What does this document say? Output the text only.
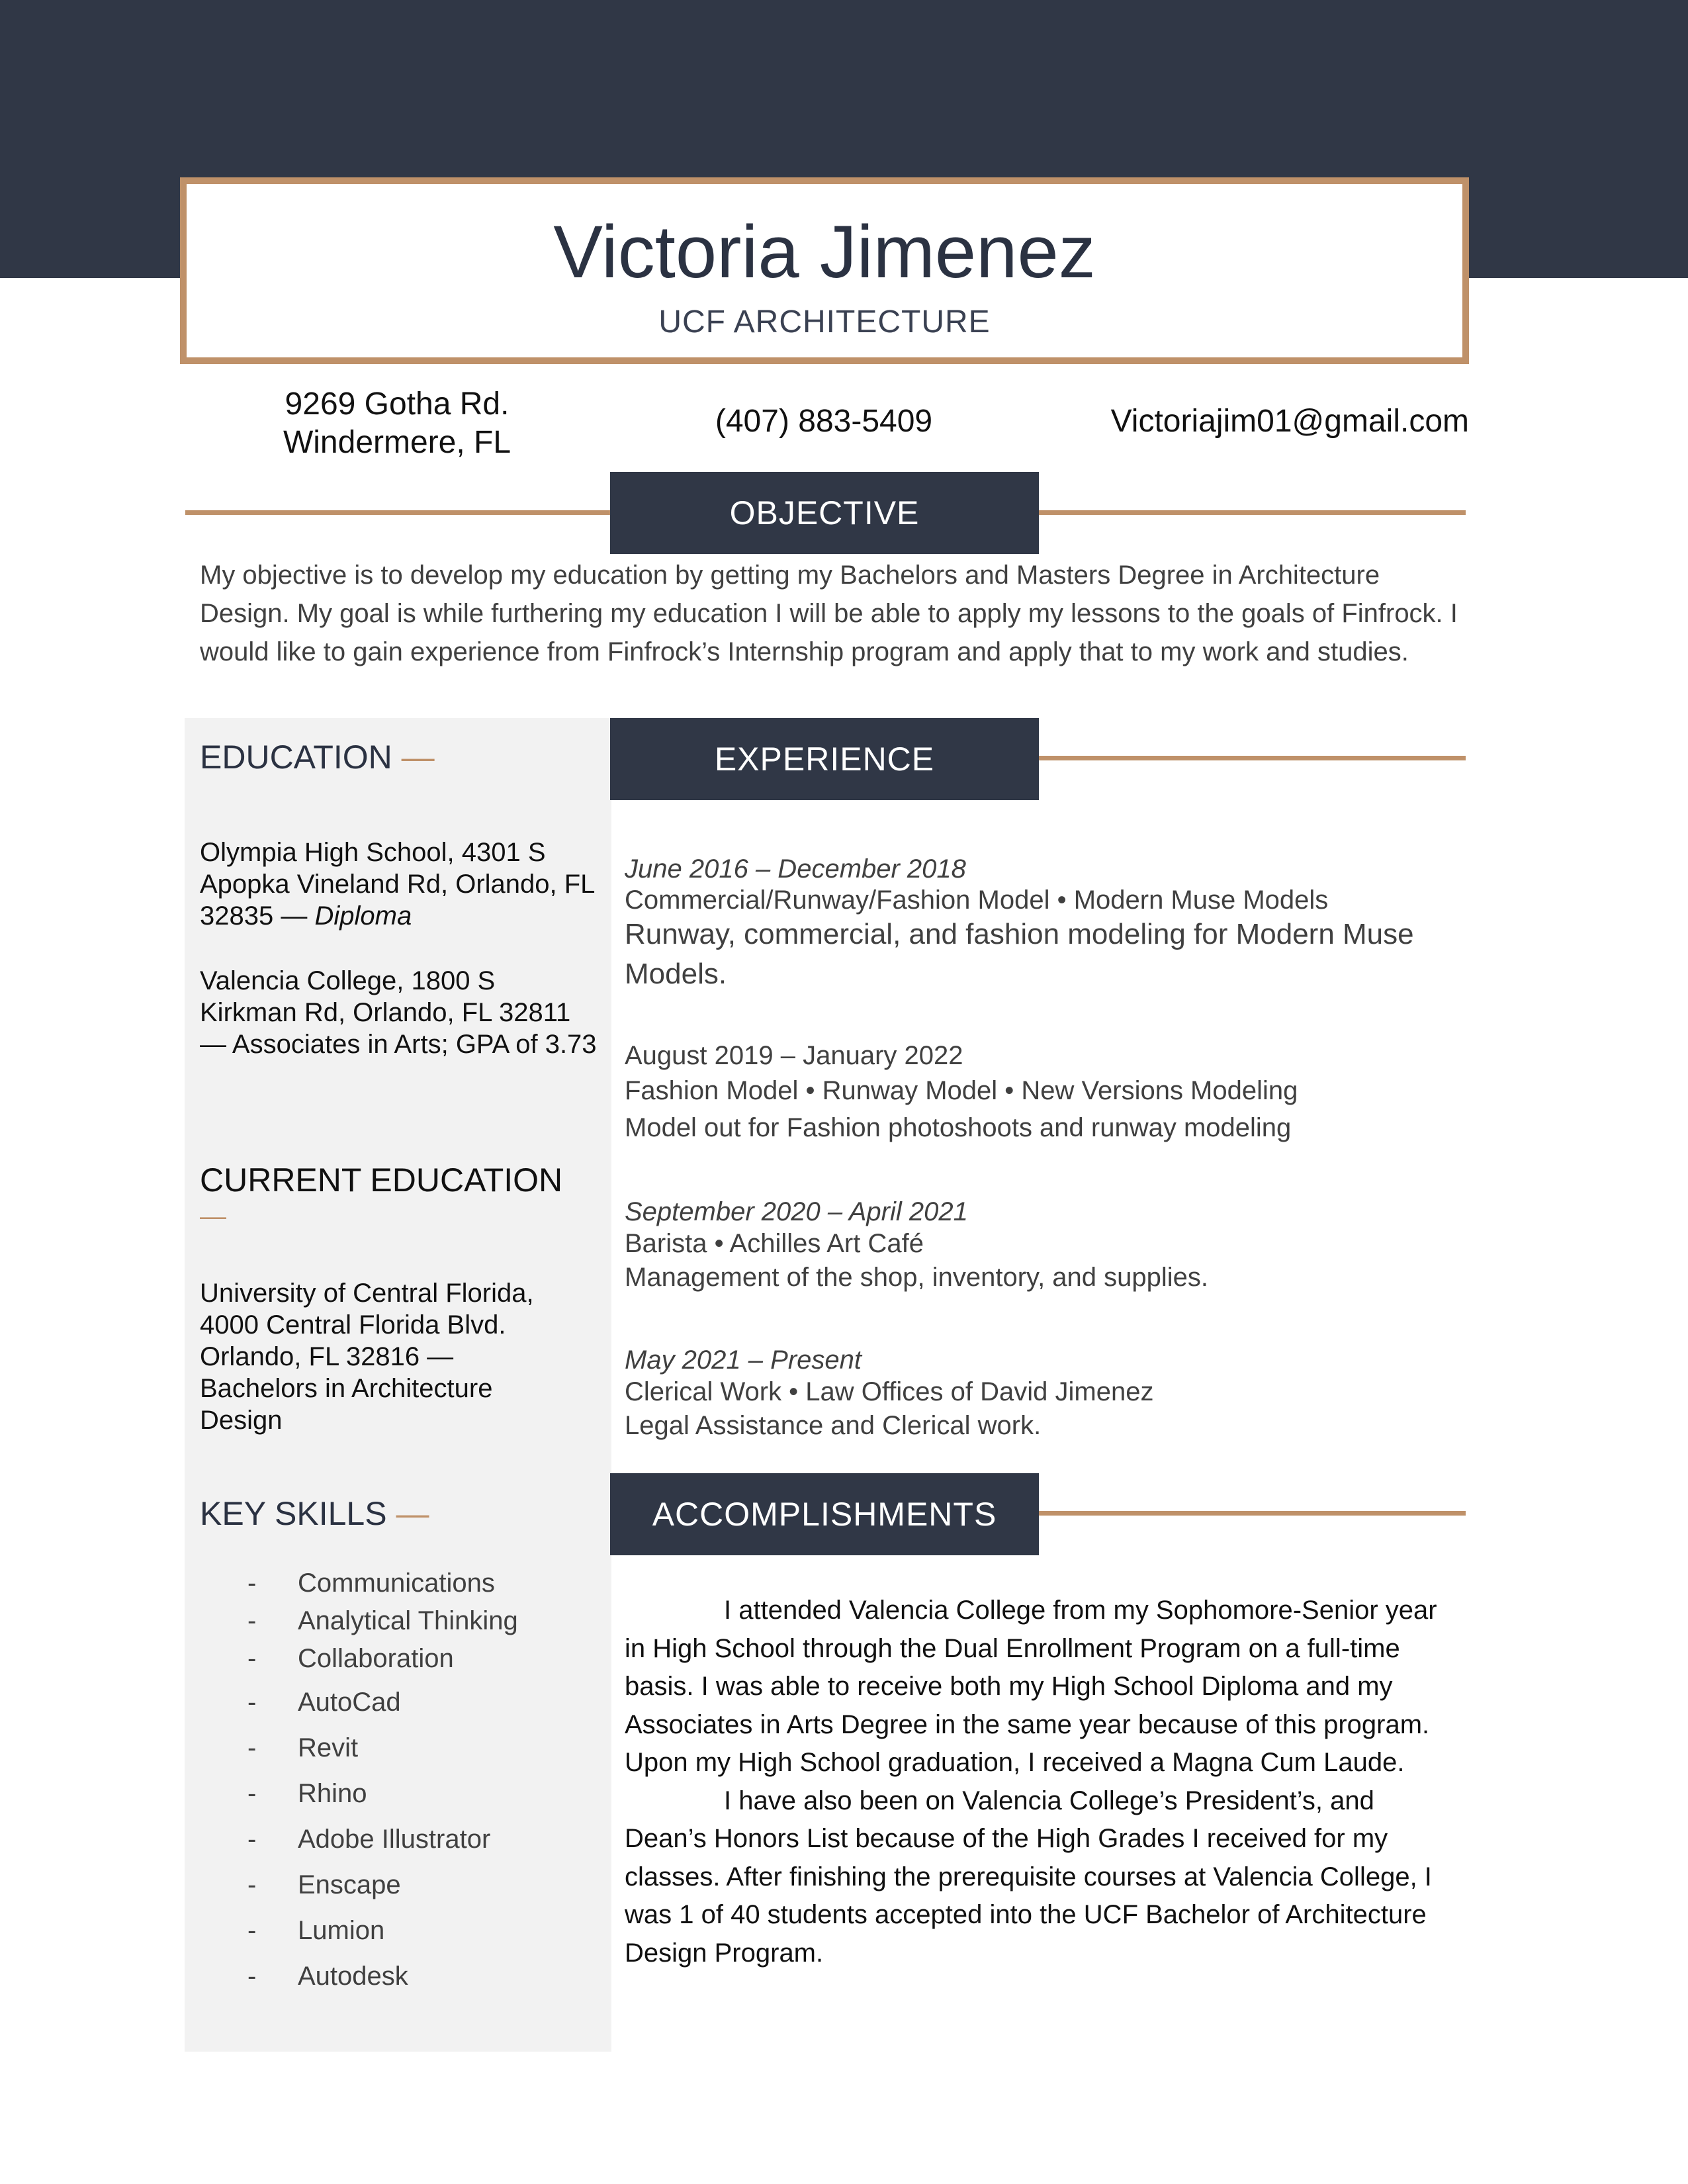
Victoria Jimenez
UCF ARCHITECTURE
9269 Gotha Rd.
Windermere, FL
(407) 883-5409	Victoriajim01@gmail.com
OBJECTIVE
My objective is to develop my education by getting my Bachelors and Masters Degree in Architecture Design. My goal is while furthering my education I will be able to apply my lessons to the goals of Finfrock. I would like to gain experience from Finfrock’s Internship program and apply that to my work and studies.
EDUCATION —
Olympia High School, 4301 S Apopka Vineland Rd, Orlando, FL 32835 — Diploma
Valencia College, 1800 S Kirkman Rd, Orlando, FL 32811 — Associates in Arts; GPA of 3.73
CURRENT EDUCATION
—
University of Central Florida, 4000 Central Florida Blvd. Orlando, FL 32816 — Bachelors in Architecture Design
KEY SKILLS —
- Communications
- Analytical Thinking
- Collaboration
- AutoCad
- Revit
- Rhino
- Adobe Illustrator
- Enscape
- Lumion
- Autodesk
EXPERIENCE
June 2016 – December 2018
Commercial/Runway/Fashion Model • Modern Muse Models
Runway, commercial, and fashion modeling for Modern Muse Models.
August 2019 – January 2022
Fashion Model • Runway Model • New Versions Modeling
Model out for Fashion photoshoots and runway modeling
September 2020 – April 2021
Barista • Achilles Art Café
Management of the shop, inventory, and supplies.
May 2021 – Present
Clerical Work • Law Offices of David Jimenez
Legal Assistance and Clerical work.
ACCOMPLISHMENTS

I attended Valencia College from my Sophomore-Senior year in High School through the Dual Enrollment Program on a full-time basis. I was able to receive both my High School Diploma and my Associates in Arts Degree in the same year because of this program. Upon my High School graduation, I received a Magna Cum Laude.

I have also been on Valencia College’s President’s, and Dean’s Honors List because of the High Grades I received for my classes. After finishing the prerequisite courses at Valencia College, I was 1 of 40 students accepted into the UCF Bachelor of Architecture Design Program.
